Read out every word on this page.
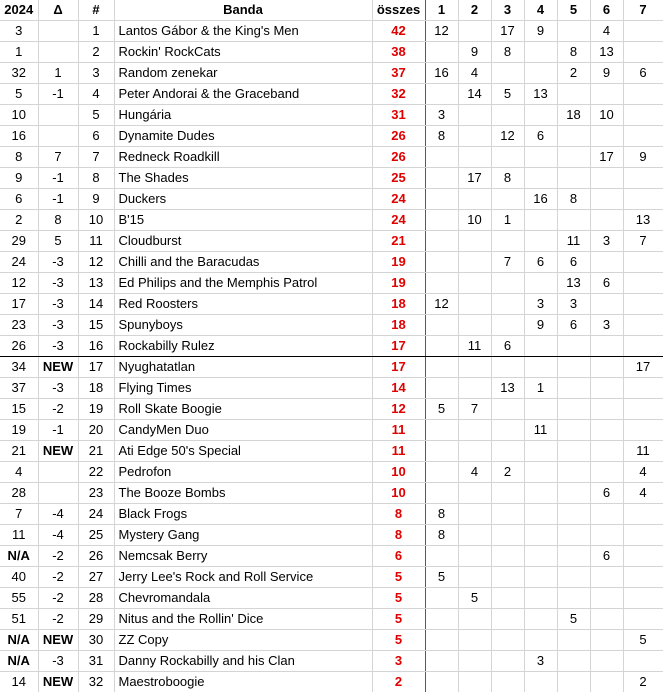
2024	Δ	#	Banda	összes	1	2	3	4	5	6	7
3		1	Lantos Gábor & the King's Men	42	12		17	9		4	
1		2	Rockin' RockCats	38		9	8		8	13	
32	1	3	Random zenekar	37	16	4			2	9	6
5	-1	4	Peter Andorai & the Graceband	32		14	5	13			
10		5	Hungária	31	3				18	10	
16		6	Dynamite Dudes	26	8		12	6			
8	7	7	Redneck Roadkill	26						17	9
9	-1	8	The Shades	25		17	8				
6	-1	9	Duckers	24				16	8		
2	8	10	B'15	24		10	1				13
29	5	11	Cloudburst	21					11	3	7
24	-3	12	Chilli and the Baracudas	19			7	6	6		
12	-3	13	Ed Philips and the Memphis Patrol	19					13	6	
17	-3	14	Red Roosters	18	12			3	3		
23	-3	15	Spunyboys	18				9	6	3	
26	-3	16	Rockabilly Rulez	17		11	6				
34	NEW	17	Nyughatatlan	17							17
37	-3	18	Flying Times	14			13	1			
15	-2	19	Roll Skate Boogie	12	5	7					
19	-1	20	CandyMen Duo	11				11			
21	NEW	21	Ati Edge 50's Special	11							11
4		22	Pedrofon	10		4	2				4
28		23	The Booze Bombs	10						6	4
7	-4	24	Black Frogs	8	8						
11	-4	25	Mystery Gang	8	8						
N/A	-2	26	Nemcsak Berry	6						6	
40	-2	27	Jerry Lee's Rock and Roll Service	5	5						
55	-2	28	Chevromandala	5		5					
51	-2	29	Nitus and the Rollin' Dice	5					5		
N/A	NEW	30	ZZ Copy	5							5
N/A	-3	31	Danny Rockabilly and his Clan	3				3			
14	NEW	32	Maestroboogie	2							2
